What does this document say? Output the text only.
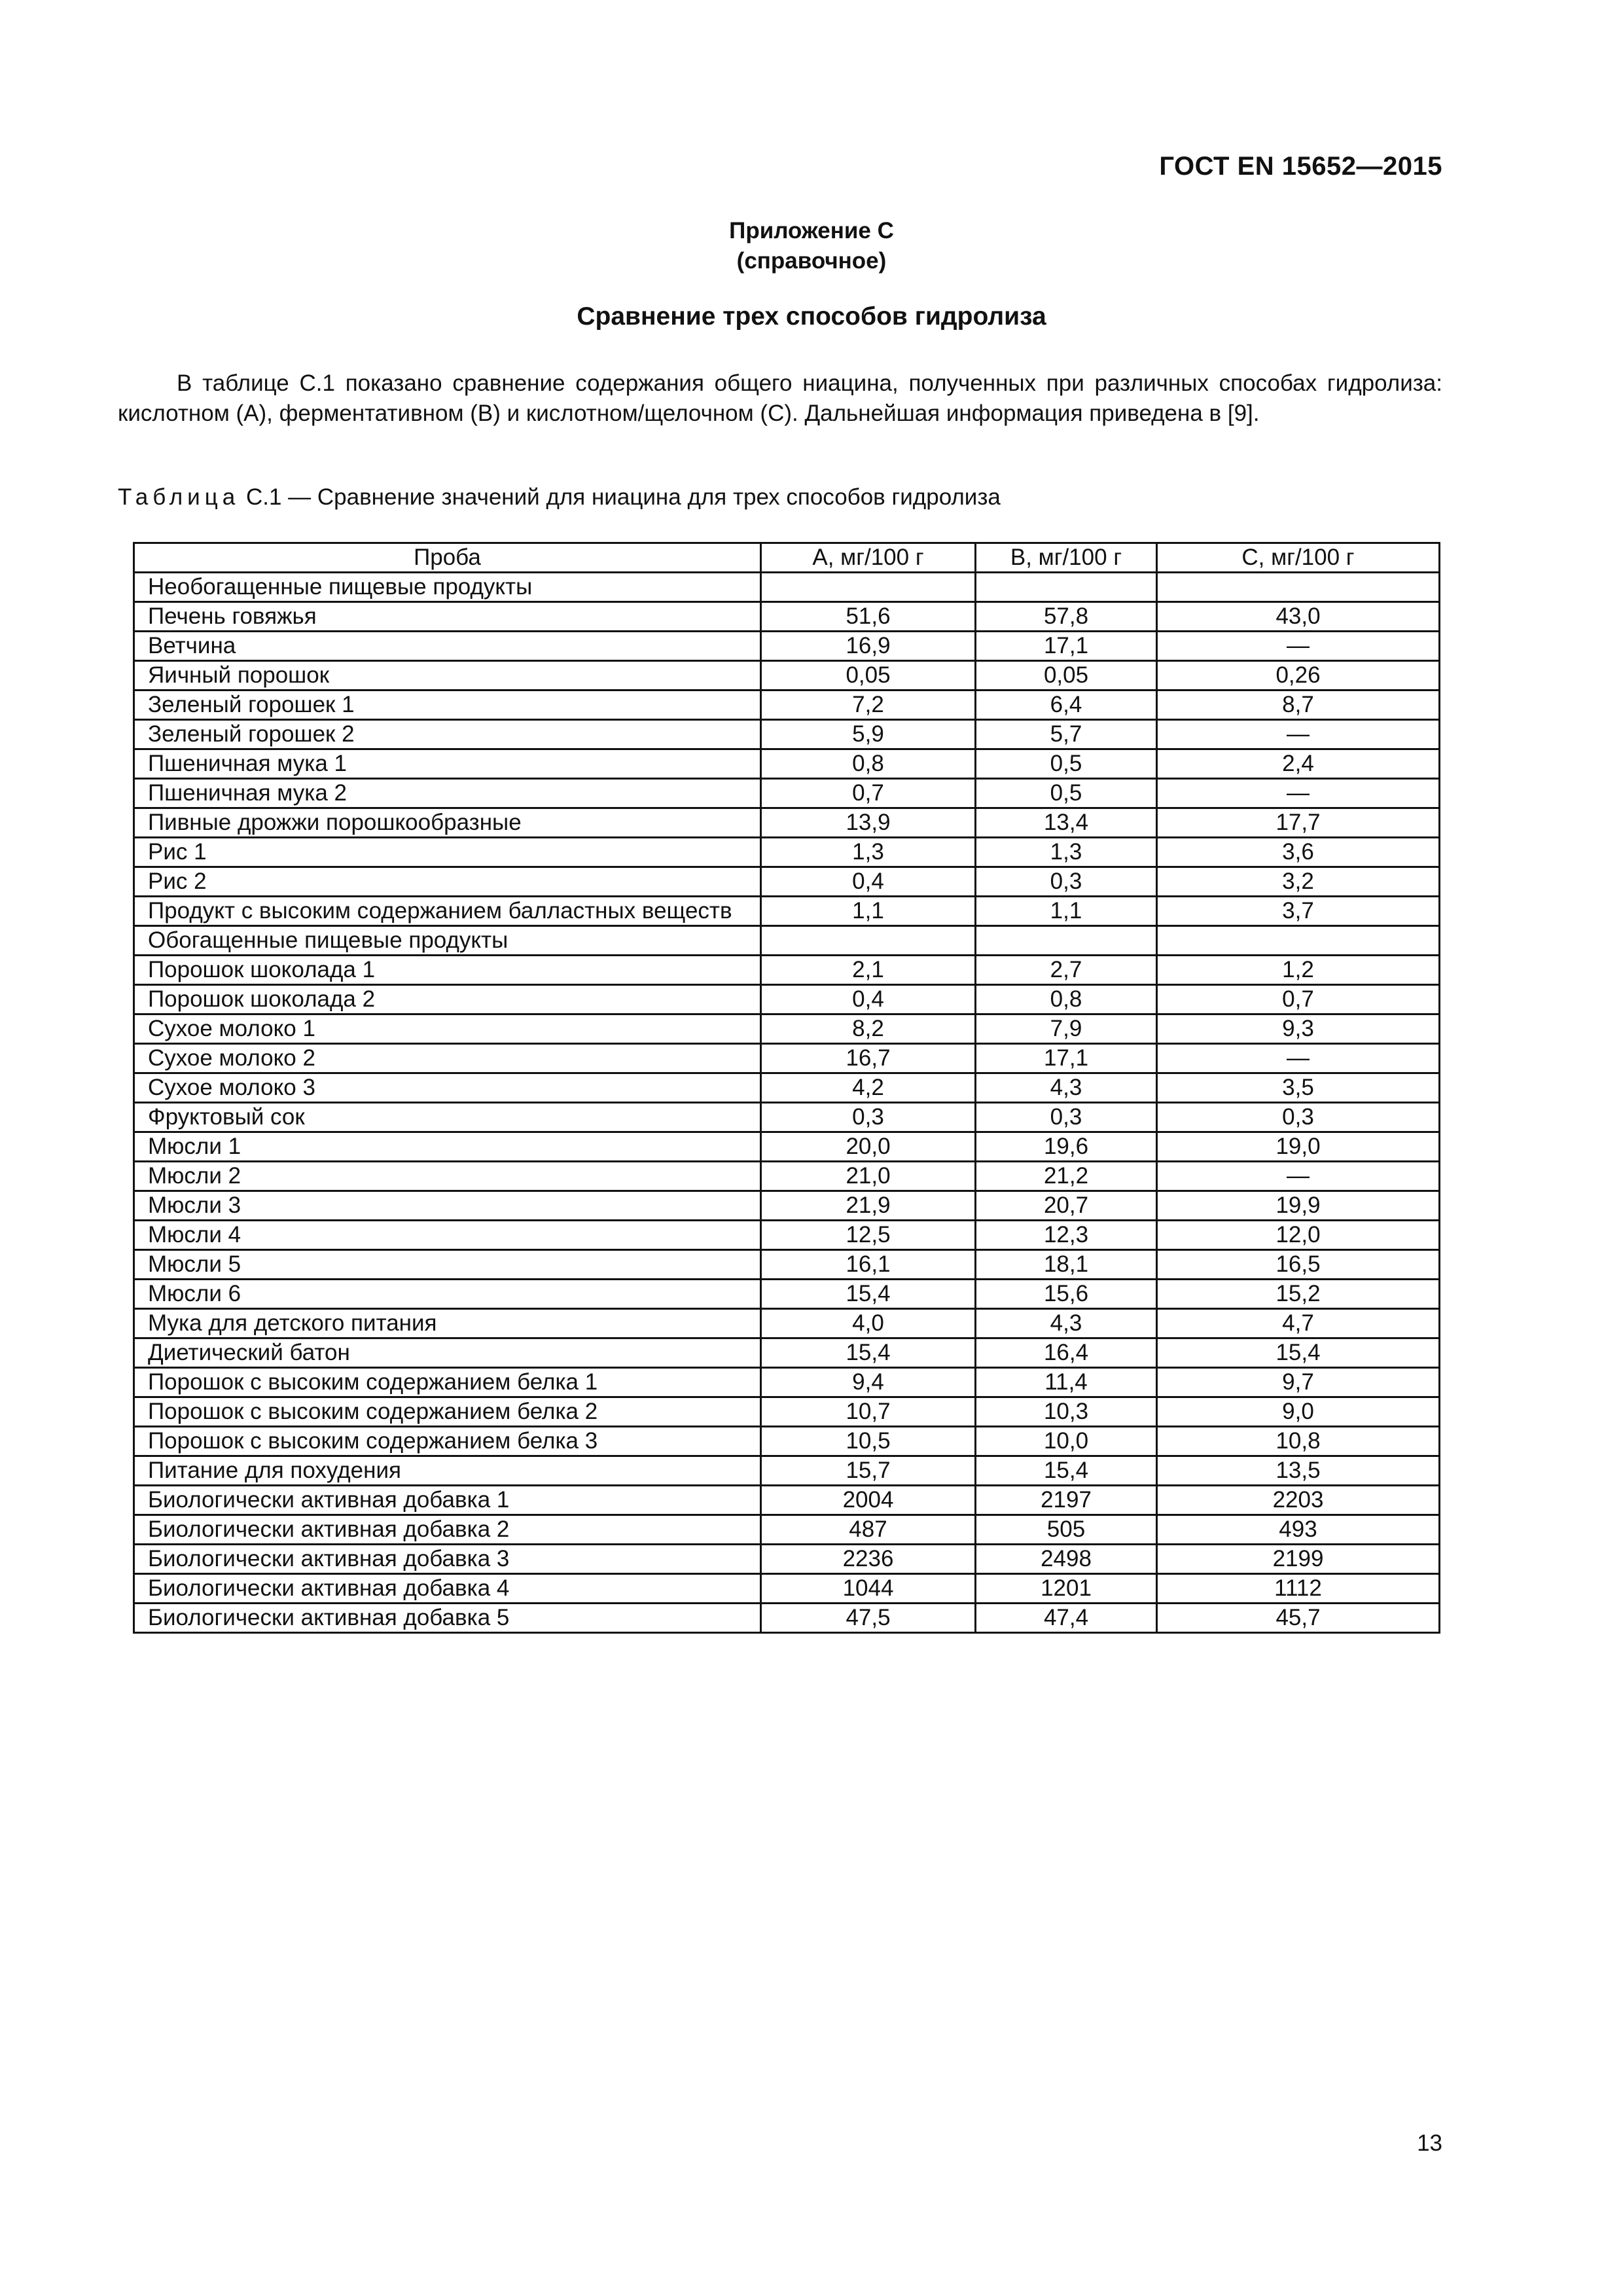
ГОСТ EN 15652—2015

Приложение C
(справочное)

Сравнение трех способов гидролиза

В таблице C.1 показано сравнение содержания общего ниацина, полученных при различных способах гидролиза: кислотном (А), ферментативном (В) и кислотном/щелочном (С). Дальнейшая информация приведена в [9].

Таблица C.1 — Сравнение значений для ниацина для трех способов гидролиза

Проба	А, мг/100 г	В, мг/100 г	С, мг/100 г
Необогащенные пищевые продукты			
Печень говяжья	51,6	57,8	43,0
Ветчина	16,9	17,1	—
Яичный порошок	0,05	0,05	0,26
Зеленый горошек 1	7,2	6,4	8,7
Зеленый горошек 2	5,9	5,7	—
Пшеничная мука 1	0,8	0,5	2,4
Пшеничная мука 2	0,7	0,5	—
Пивные дрожжи порошкообразные	13,9	13,4	17,7
Рис 1	1,3	1,3	3,6
Рис 2	0,4	0,3	3,2
Продукт с высоким содержанием балластных веществ	1,1	1,1	3,7
Обогащенные пищевые продукты			
Порошок шоколада 1	2,1	2,7	1,2
Порошок шоколада 2	0,4	0,8	0,7
Сухое молоко 1	8,2	7,9	9,3
Сухое молоко 2	16,7	17,1	—
Сухое молоко 3	4,2	4,3	3,5
Фруктовый сок	0,3	0,3	0,3
Мюсли 1	20,0	19,6	19,0
Мюсли 2	21,0	21,2	—
Мюсли 3	21,9	20,7	19,9
Мюсли 4	12,5	12,3	12,0
Мюсли 5	16,1	18,1	16,5
Мюсли 6	15,4	15,6	15,2
Мука для детского питания	4,0	4,3	4,7
Диетический батон	15,4	16,4	15,4
Порошок с высоким содержанием белка 1	9,4	11,4	9,7
Порошок с высоким содержанием белка 2	10,7	10,3	9,0
Порошок с высоким содержанием белка 3	10,5	10,0	10,8
Питание для похудения	15,7	15,4	13,5
Биологически активная добавка 1	2004	2197	2203
Биологически активная добавка 2	487	505	493
Биологически активная добавка 3	2236	2498	2199
Биологически активная добавка 4	1044	1201	1112
Биологически активная добавка 5	47,5	47,4	45,7

13
